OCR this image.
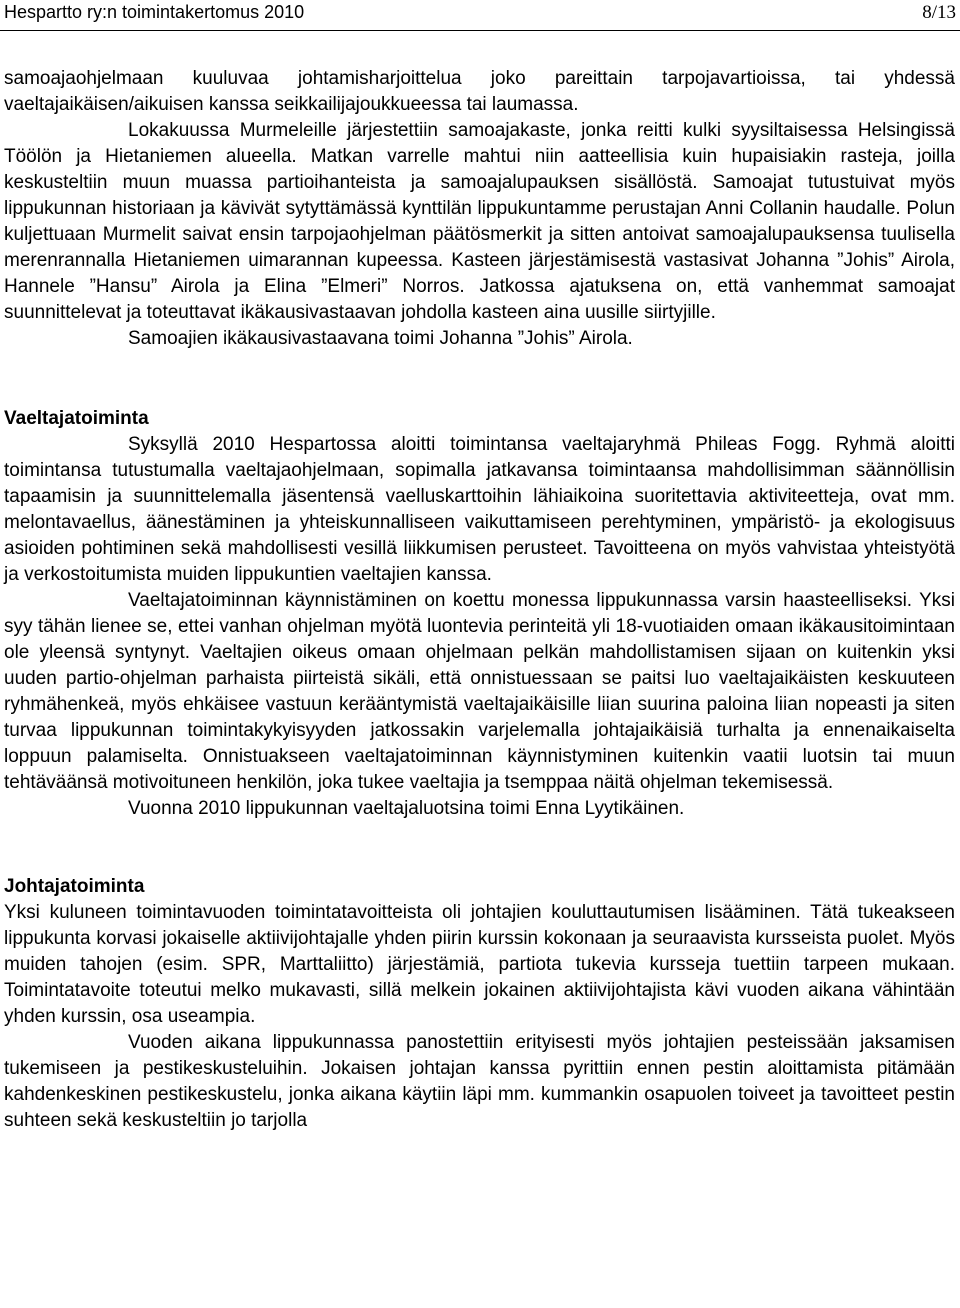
Hespartto ry:n toimintakertomus 2010	8/13

samoajaohjelmaan kuuluvaa johtamisharjoittelua joko pareittain tarpojavartioissa, tai yhdessä vaeltajaikäisen/aikuisen kanssa seikkailijajoukkueessa tai laumassa.

Lokakuussa Murmeleille järjestettiin samoajakaste, jonka reitti kulki syysiltaisessa Helsingissä Töölön ja Hietaniemen alueella. Matkan varrelle mahtui niin aatteellisia kuin hupaisiakin rasteja, joilla keskusteltiin muun muassa partioihanteista ja samoajalupauksen sisällöstä. Samoajat tutustuivat myös lippukunnan historiaan ja kävivät sytyttämässä kynttilän lippukuntamme perustajan Anni Collanin haudalle. Polun kuljettuaan Murmelit saivat ensin tarpojaohjelman päätösmerkit ja sitten antoivat samoajalupauksensa tuulisella merenrannalla Hietaniemen uimarannan kupeessa. Kasteen järjestämisestä vastasivat Johanna ”Johis” Airola, Hannele ”Hansu” Airola ja Elina ”Elmeri” Norros. Jatkossa ajatuksena on, että vanhemmat samoajat suunnittelevat ja toteuttavat ikäkausivastaavan johdolla kasteen aina uusille siirtyjille.

Samoajien ikäkausivastaavana toimi Johanna ”Johis” Airola.

Vaeltajatoiminta

Syksyllä 2010 Hespartossa aloitti toimintansa vaeltajaryhmä Phileas Fogg. Ryhmä aloitti toimintansa tutustumalla vaeltajaohjelmaan, sopimalla jatkavansa toimintaansa mahdollisimman säännöllisin tapaamisin ja suunnittelemalla jäsentensä vaelluskarttoihin lähiaikoina suoritettavia aktiviteetteja, ovat mm. melontavaellus, äänestäminen ja yhteiskunnalliseen vaikuttamiseen perehtyminen, ympäristö- ja ekologisuus asioiden pohtiminen sekä mahdollisesti vesillä liikkumisen perusteet. Tavoitteena on myös vahvistaa yhteistyötä ja verkostoitumista muiden lippukuntien vaeltajien kanssa.

Vaeltajatoiminnan käynnistäminen on koettu monessa lippukunnassa varsin haasteelliseksi. Yksi syy tähän lienee se, ettei vanhan ohjelman myötä luontevia perinteitä yli 18-vuotiaiden omaan ikäkausitoimintaan ole yleensä syntynyt. Vaeltajien oikeus omaan ohjelmaan pelkän mahdollistamisen sijaan on kuitenkin yksi uuden partio-ohjelman parhaista piirteistä sikäli, että onnistuessaan se paitsi luo vaeltajaikäisten keskuuteen ryhmähenkeä, myös ehkäisee vastuun kerääntymistä vaeltajaikäisille liian suurina paloina liian nopeasti ja siten turvaa lippukunnan toimintakykyisyyden jatkossakin varjelemalla johtajaikäisiä turhalta ja ennenaikaiselta loppuun palamiselta. Onnistuakseen vaeltajatoiminnan käynnistyminen kuitenkin vaatii luotsin tai muun tehtäväänsä motivoituneen henkilön, joka tukee vaeltajia ja tsemppaa näitä ohjelman tekemisessä.

Vuonna 2010 lippukunnan vaeltajaluotsina toimi Enna Lyytikäinen.

Johtajatoiminta

Yksi kuluneen toimintavuoden toimintatavoitteista oli johtajien kouluttautumisen lisääminen. Tätä tukeakseen lippukunta korvasi jokaiselle aktiivijohtajalle yhden piirin kurssin kokonaan ja seuraavista kursseista puolet. Myös muiden tahojen (esim. SPR, Marttaliitto) järjestämiä, partiota tukevia kursseja tuettiin tarpeen mukaan. Toimintatavoite toteutui melko mukavasti, sillä melkein jokainen aktiivijohtajista kävi vuoden aikana vähintään yhden kurssin, osa useampia.

Vuoden aikana lippukunnassa panostettiin erityisesti myös johtajien pesteissään jaksamisen tukemiseen ja pestikeskusteluihin. Jokaisen johtajan kanssa pyrittiin ennen pestin aloittamista pitämään kahdenkeskinen pestikeskustelu, jonka aikana käytiin läpi mm. kummankin osapuolen toiveet ja tavoitteet pestin suhteen sekä keskusteltiin jo tarjolla
